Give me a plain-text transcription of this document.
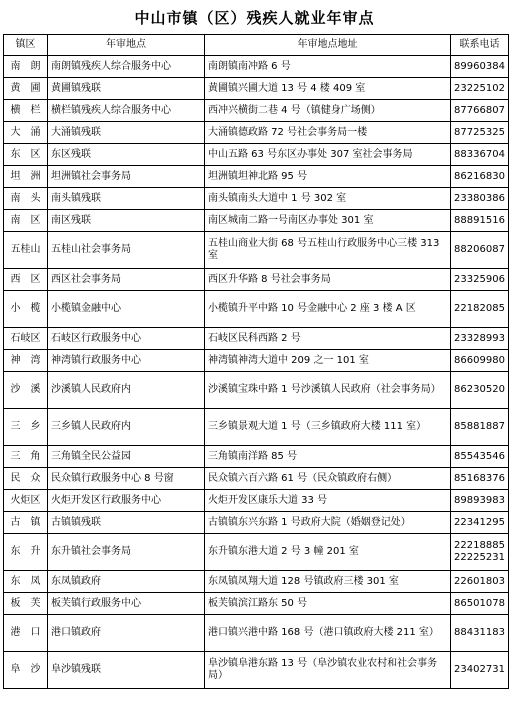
中山市镇（区）残疾人就业年审点
镇区	年审地点	年审地点地址	联系电话
南　朗	南朗镇残疾人综合服务中心	南朗镇南冲路 6 号	89960384
黄　圃	黄圃镇残联	黄圃镇兴圃大道 13 号 4 楼 409 室	23225102
横　栏	横栏镇残疾人综合服务中心	西冲兴横街二巷 4 号（镇健身广场侧）	87766807
大　涌	大涌镇残联	大涌镇德政路 72 号社会事务局一楼	87725325
东　区	东区残联	中山五路 63 号东区办事处 307 室社会事务局	88336704
坦　洲	坦洲镇社会事务局	坦洲镇坦神北路 95 号	86216830
南　头	南头镇残联	南头镇南头大道中 1 号 302 室	23380386
南　区	南区残联	南区城南二路一号南区办事处 301 室	88891516
五桂山	五桂山社会事务局	五桂山商业大街 68 号五桂山行政服务中心三楼 313 室	88206087
西　区	西区社会事务局	西区升华路 8 号社会事务局	23325906
小　榄	小榄镇金融中心	小榄镇升平中路 10 号金融中心 2 座 3 楼 A 区	22182085
石岐区	石岐区行政服务中心	石岐区民科西路 2 号	23328993
神　湾	神湾镇行政服务中心	神湾镇神湾大道中 209 之一 101 室	86609980
沙　溪	沙溪镇人民政府内	沙溪镇宝珠中路 1 号沙溪镇人民政府（社会事务局）	86230520
三　乡	三乡镇人民政府内	三乡镇景观大道 1 号（三乡镇政府大楼 111 室）	85881887
三　角	三角镇全民公益园	三角镇南洋路 85 号	85543546
民　众	民众镇行政服务中心 8 号窗	民众镇六百六路 61 号（民众镇政府右侧）	85168376
火炬区	火炬开发区行政服务中心	火炬开发区康乐大道 33 号	89893983
古　镇	古镇镇残联	古镇镇东兴东路 1 号政府大院（婚姻登记处）	22341295
东　升	东升镇社会事务局	东升镇东港大道 2 号 3 幢 201 室	22218885
22225231
东　凤	东凤镇政府	东凤镇凤翔大道 128 号镇政府三楼 301 室	22601803
板　芙	板芙镇行政服务中心	板芙镇滨江路东 50 号	86501078
港　口	港口镇政府	港口镇兴港中路 168 号（港口镇政府大楼 211 室）	88431183
阜　沙	阜沙镇残联	阜沙镇阜港东路 13 号（阜沙镇农业农村和社会事务局）	23402731
